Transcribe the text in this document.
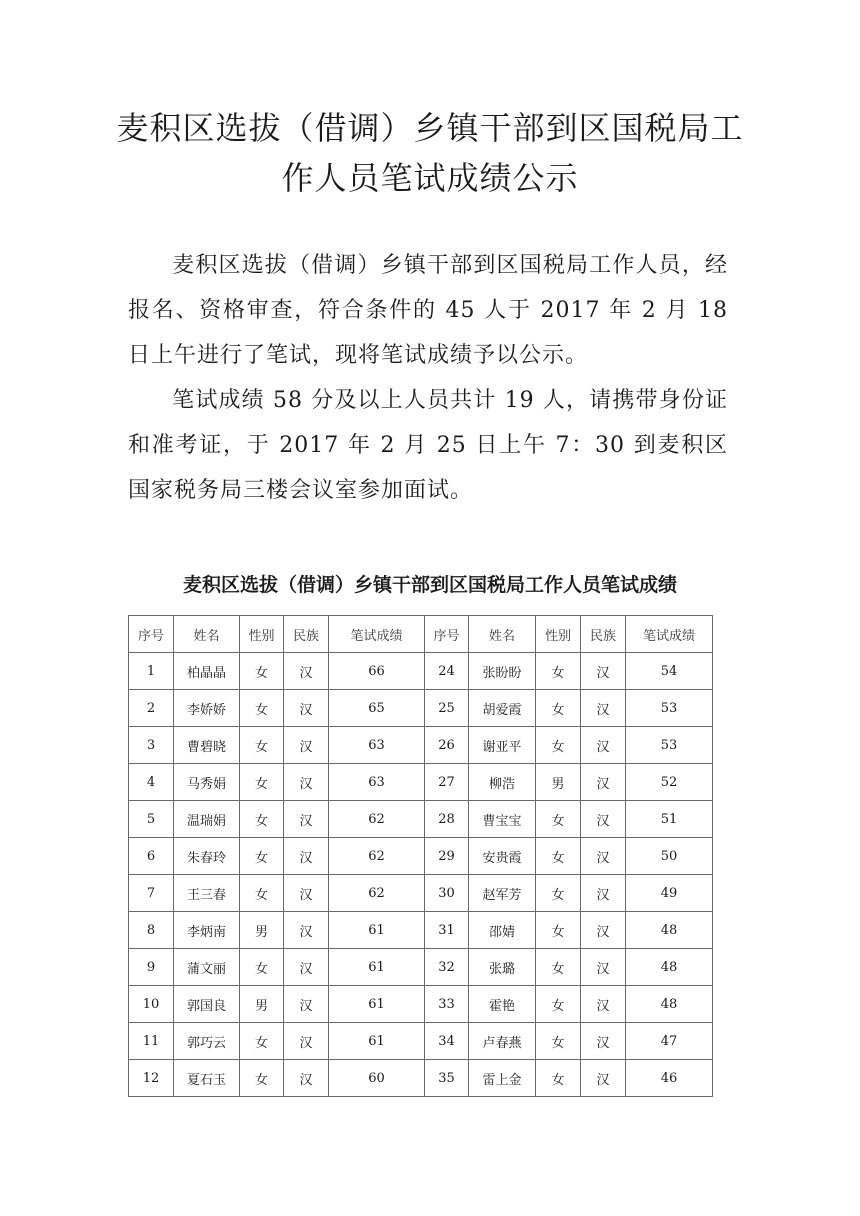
麦积区选拔（借调）乡镇干部到区国税局工
作人员笔试成绩公示
麦积区选拔（借调）乡镇干部到区国税局工作人员，经报名、资格审查，符合条件的 45 人于 2017 年 2 月 18 日上午进行了笔试，现将笔试成绩予以公示。
笔试成绩 58 分及以上人员共计 19 人，请携带身份证和准考证，于 2017 年 2 月 25 日上午 7：30 到麦积区国家税务局三楼会议室参加面试。
麦积区选拔（借调）乡镇干部到区国税局工作人员笔试成绩
序号	姓名	性别	民族	笔试成绩	序号	姓名	性别	民族	笔试成绩
1	柏晶晶	女	汉	66	24	张盼盼	女	汉	54
2	李娇娇	女	汉	65	25	胡爱霞	女	汉	53
3	曹碧晓	女	汉	63	26	谢亚平	女	汉	53
4	马秀娟	女	汉	63	27	柳浩	男	汉	52
5	温瑞娟	女	汉	62	28	曹宝宝	女	汉	51
6	朱春玲	女	汉	62	29	安贵霞	女	汉	50
7	王三春	女	汉	62	30	赵军芳	女	汉	49
8	李炳南	男	汉	61	31	邵婧	女	汉	48
9	蒲文丽	女	汉	61	32	张璐	女	汉	48
10	郭国良	男	汉	61	33	霍艳	女	汉	48
11	郭巧云	女	汉	61	34	卢春燕	女	汉	47
12	夏石玉	女	汉	60	35	雷上金	女	汉	46
